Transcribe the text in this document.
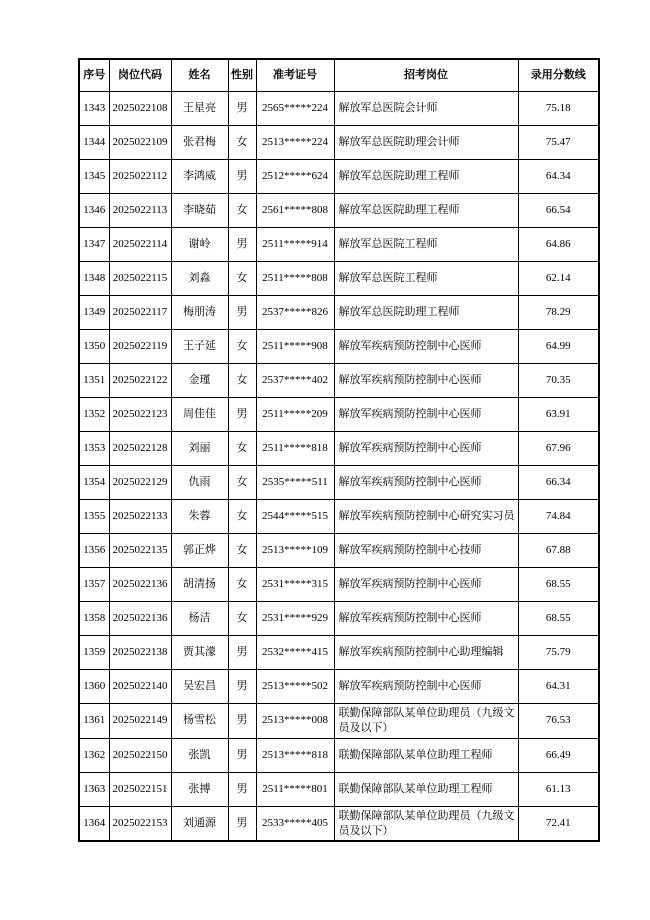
序号	岗位代码	姓名	性别	准考证号	招考岗位	录用分数线
1343	2025022108	王星亮	男	2565*****224	解放军总医院会计师	75.18
1344	2025022109	张君梅	女	2513*****224	解放军总医院助理会计师	75.47
1345	2025022112	李鸿威	男	2512*****624	解放军总医院助理工程师	64.34
1346	2025022113	李晓茹	女	2561*****808	解放军总医院助理工程师	66.54
1347	2025022114	谢岭	男	2511*****914	解放军总医院工程师	64.86
1348	2025022115	刘淼	女	2511*****808	解放军总医院工程师	62.14
1349	2025022117	梅朋涛	男	2537*****826	解放军总医院助理工程师	78.29
1350	2025022119	王子延	女	2511*****908	解放军疾病预防控制中心医师	64.99
1351	2025022122	金瑾	女	2537*****402	解放军疾病预防控制中心医师	70.35
1352	2025022123	周佳佳	男	2511*****209	解放军疾病预防控制中心医师	63.91
1353	2025022128	刘丽	女	2511*****818	解放军疾病预防控制中心医师	67.96
1354	2025022129	仇雨	女	2535*****511	解放军疾病预防控制中心医师	66.34
1355	2025022133	朱蓉	女	2544*****515	解放军疾病预防控制中心研究实习员	74.84
1356	2025022135	郭正烨	女	2513*****109	解放军疾病预防控制中心技师	67.88
1357	2025022136	胡清扬	女	2531*****315	解放军疾病预防控制中心医师	68.55
1358	2025022136	杨洁	女	2531*****929	解放军疾病预防控制中心医师	68.55
1359	2025022138	贾其濛	男	2532*****415	解放军疾病预防控制中心助理编辑	75.79
1360	2025022140	吴宏昌	男	2513*****502	解放军疾病预防控制中心医师	64.31
1361	2025022149	杨雪松	男	2513*****008	联勤保障部队某单位助理员（九级文员及以下）	76.53
1362	2025022150	张凯	男	2513*****818	联勤保障部队某单位助理工程师	66.49
1363	2025022151	张搏	男	2511*****801	联勤保障部队某单位助理工程师	61.13
1364	2025022153	刘通源	男	2533*****405	联勤保障部队某单位助理员（九级文员及以下）	72.41
